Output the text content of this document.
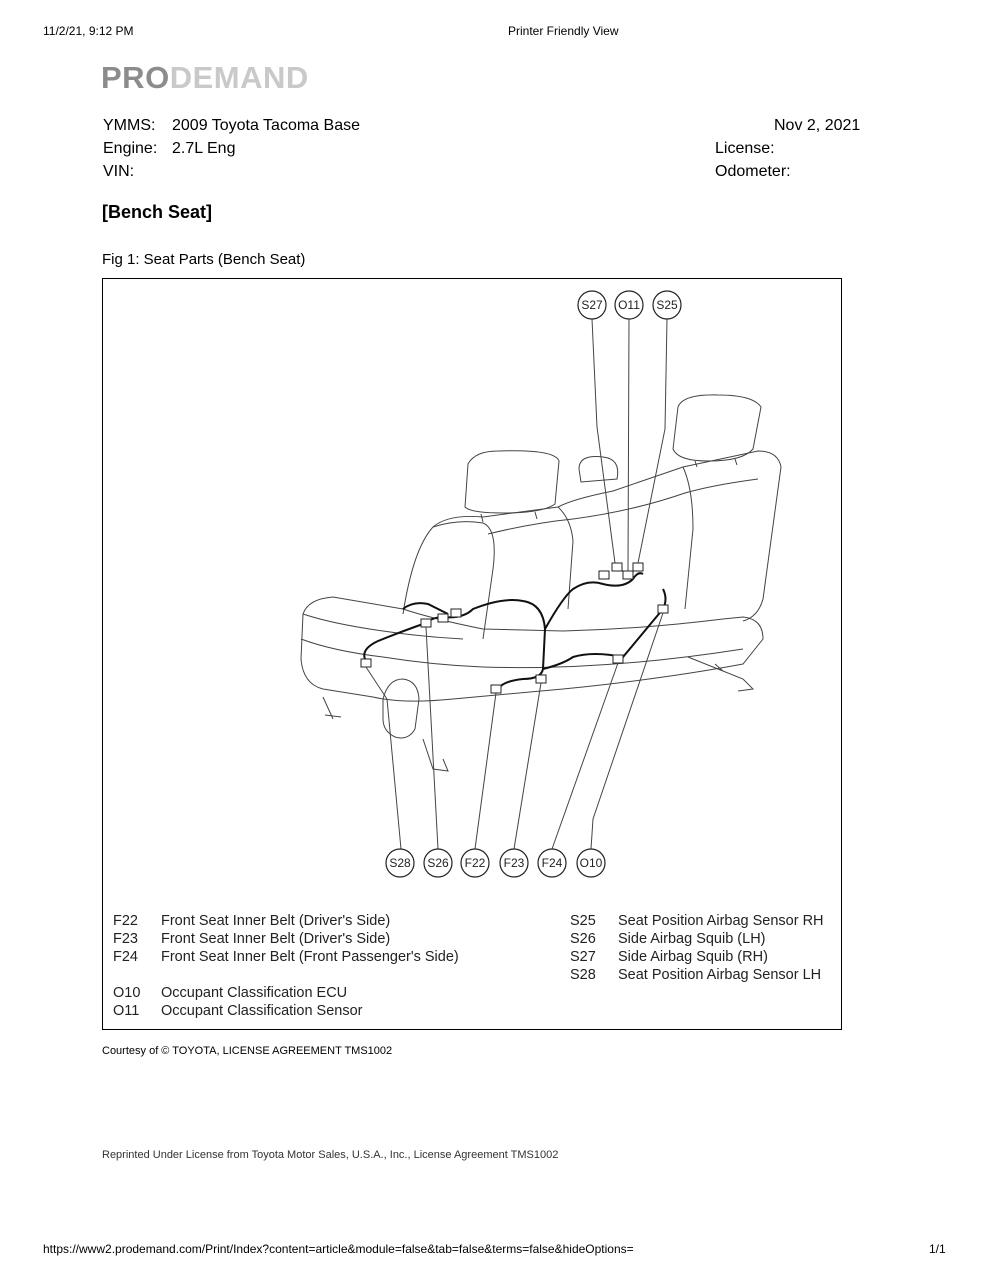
11/2/21, 9:12 PM	Printer Friendly View
PRODEMAND
YMMS: 2009 Toyota Tacoma Base
Engine: 2.7L Eng
VIN:
Nov 2, 2021
License:
Odometer:
[Bench Seat]
Fig 1: Seat Parts (Bench Seat)
S27 O11 S25
S28 S26 F22 F23 F24 O10
F22 Front Seat Inner Belt (Driver's Side)
F23 Front Seat Inner Belt (Driver's Side)
F24 Front Seat Inner Belt (Front Passenger's Side)
O10 Occupant Classification ECU
O11 Occupant Classification Sensor
S25 Seat Position Airbag Sensor RH
S26 Side Airbag Squib (LH)
S27 Side Airbag Squib (RH)
S28 Seat Position Airbag Sensor LH
Courtesy of © TOYOTA, LICENSE AGREEMENT TMS1002
Reprinted Under License from Toyota Motor Sales, U.S.A., Inc., License Agreement TMS1002
https://www2.prodemand.com/Print/Index?content=article&module=false&tab=false&terms=false&hideOptions=	1/1
